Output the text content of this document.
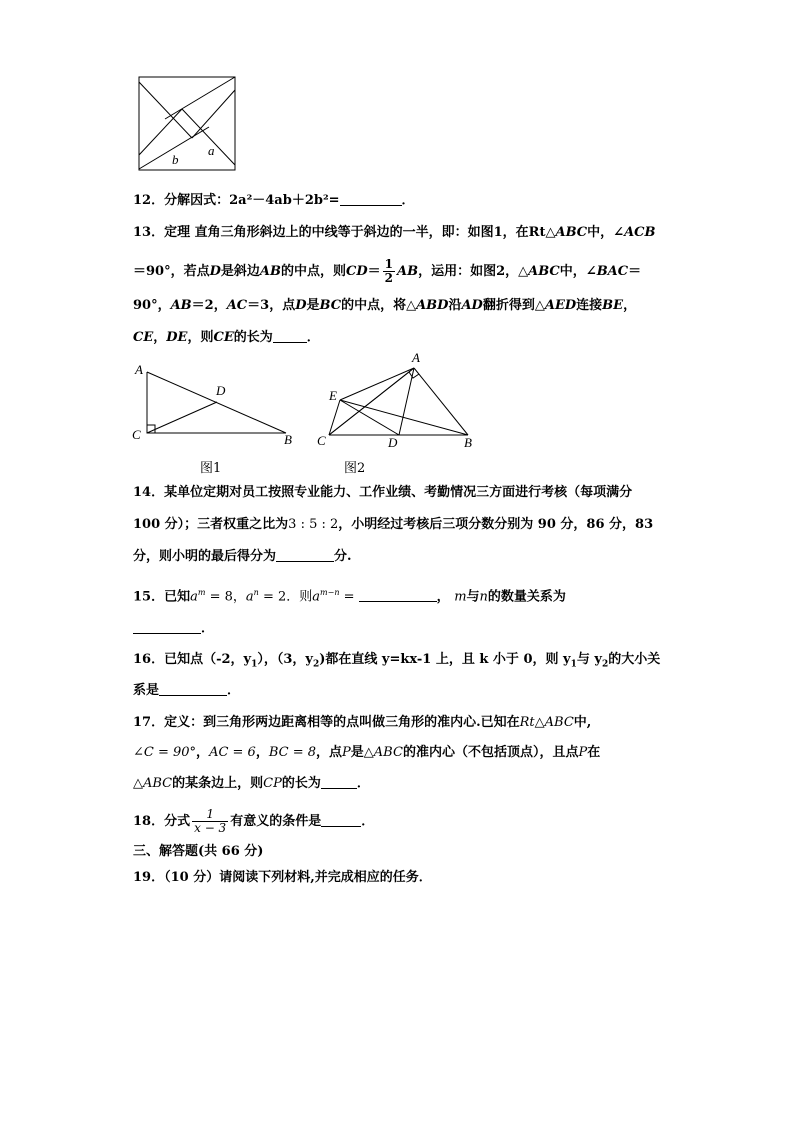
b
a
12．分解因式：2a²－4ab＋2b²=	．
13．定理 直角三角形斜边上的中线等于斜边的一半，即：如图1，在Rt△ABC中，∠ACB
＝90°，若点D是斜边AB的中点，则$CD= \frac{1}{2}$ AB，运用：如图2，△ABC中，∠BAC＝
90°，AB＝2，AC＝3，点D是BC的中点，将△ABD沿AD翻折得到△AED连接BE，
CE，DE，则CE的长为	．
A
D
C	B
图1
A
E
C	D	B
图2
14．某单位定期对员工按照专业能力、工作业绩、考勤情况三方面进行考核（每项满分
100 分）；三者权重之比为3 : 5 : 2，小明经过考核后三项分数分别为 90 分，86 分，83
分，则小明的最后得分为	分.
15．已知$a^m = 8$，$a^n = 2$．则$a^{m-n}$ =	， m与n的数量关系为
．
16．已知点（-2，$y_1$），（3，$y_2$)都在直线 y=kx-1 上，且 k 小于 0，则 $y_1$与 $y_2$的大小关
系是	．
17．定义：到三角形两边距离相等的点叫做三角形的准内心.已知在Rt△ABC中,
∠C = 90°，AC = 6，BC = 8，点P是△ABC的准内心（不包括顶点），且点P在
△ABC的某条边上，则CP的长为	．
18．分式 $\frac{1}{x - 3}$ 有意义的条件是	．
三、解答题(共 66 分)
19．（10 分）请阅读下列材料,并完成相应的任务．
